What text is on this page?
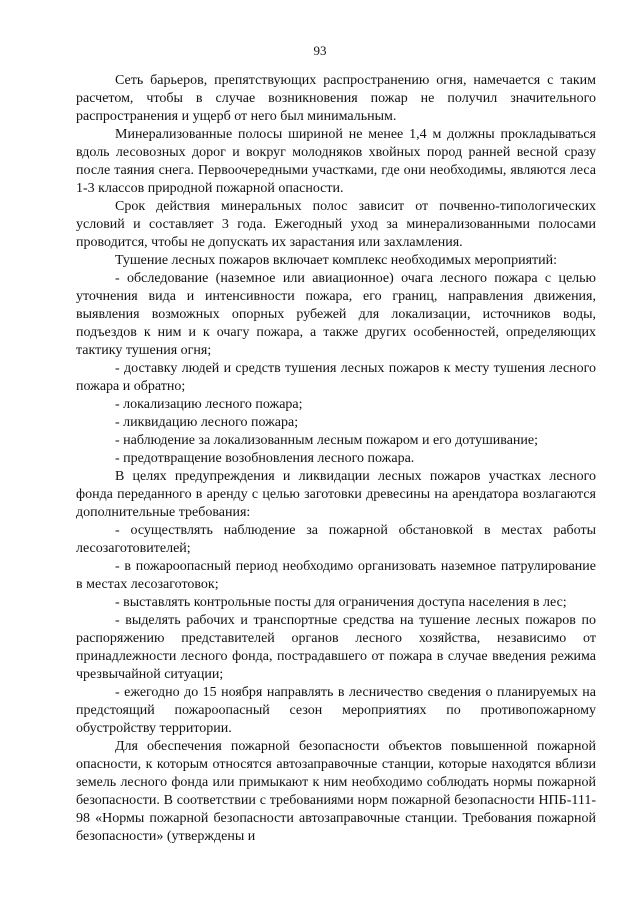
93

Сеть барьеров, препятствующих распространению огня, намечается с таким расчетом, чтобы в случае возникновения пожар не получил значительного распространения и ущерб от него был минимальным.

Минерализованные полосы шириной не менее 1,4 м должны прокладываться вдоль лесовозных дорог и вокруг молодняков хвойных пород ранней весной сразу после таяния снега. Первоочередными участками, где они необходимы, являются леса 1-3 классов природной пожарной опасности.

Срок действия минеральных полос зависит от почвенно-типологических условий и составляет 3 года. Ежегодный уход за минерализованными полосами проводится, чтобы не допускать их зарастания или захламления.

Тушение лесных пожаров включает комплекс необходимых мероприятий:

- обследование (наземное или авиационное) очага лесного пожара с целью уточнения вида и интенсивности пожара, его границ, направления движения, выявления возможных опорных рубежей для локализации, источников воды, подъездов к ним и к очагу пожара, а также других особенностей, определяющих тактику тушения огня;

- доставку людей и средств тушения лесных пожаров к месту тушения лесного пожара и обратно;

- локализацию лесного пожара;

- ликвидацию лесного пожара;

- наблюдение за локализованным лесным пожаром и его дотушивание;

- предотвращение возобновления лесного пожара.

В целях предупреждения и ликвидации лесных пожаров участках лесного фонда переданного в аренду с целью заготовки древесины на арендатора возлагаются дополнительные требования:

- осуществлять наблюдение за пожарной обстановкой в местах работы лесозаготовителей;

- в пожароопасный период необходимо организовать наземное патрулирование в местах лесозаготовок;

- выставлять контрольные посты для ограничения доступа населения в лес;

- выделять рабочих и транспортные средства на тушение лесных пожаров по распоряжению представителей органов лесного хозяйства, независимо от принадлежности лесного фонда, пострадавшего от пожара в случае введения режима чрезвычайной ситуации;

- ежегодно до 15 ноября направлять в лесничество сведения о планируемых на предстоящий пожароопасный сезон мероприятиях по противопожарному обустройству территории.

Для обеспечения пожарной безопасности объектов повышенной пожарной опасности, к которым относятся автозаправочные станции, которые находятся вблизи земель лесного фонда или примыкают к ним необходимо соблюдать нормы пожарной безопасности. В соответствии с требованиями норм пожарной безопасности НПБ-111-98 «Нормы пожарной безопасности автозаправочные станции. Требования пожарной безопасности» (утверждены и
